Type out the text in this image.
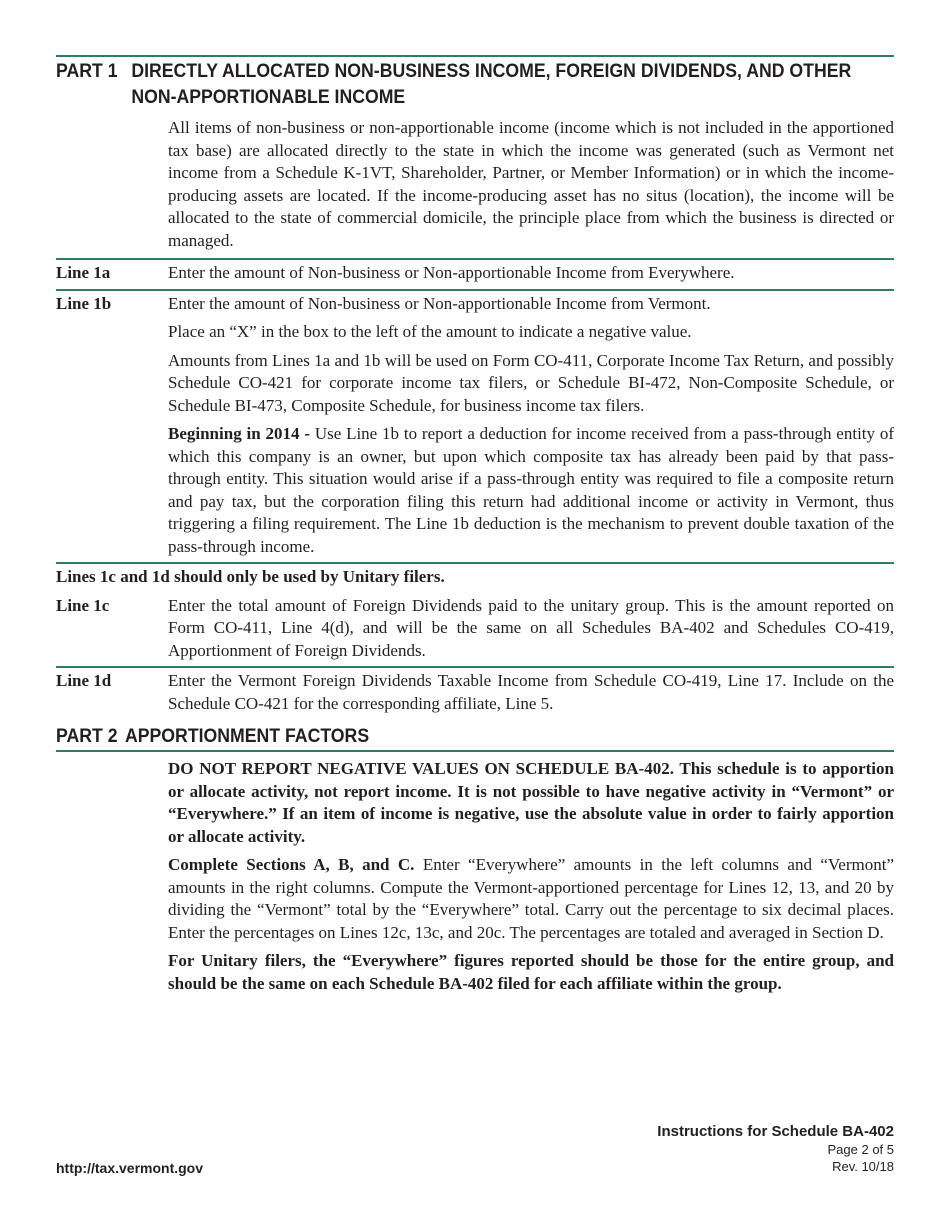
PART 1 DIRECTLY ALLOCATED NON-BUSINESS INCOME, FOREIGN DIVIDENDS, AND OTHER NON-APPORTIONABLE INCOME

All items of non-business or non-apportionable income (income which is not included in the apportioned tax base) are allocated directly to the state in which the income was generated (such as Vermont net income from a Schedule K-1VT, Shareholder, Partner, or Member Information) or in which the income-producing assets are located. If the income-producing asset has no situs (location), the income will be allocated to the state of commercial domicile, the principle place from which the business is directed or managed.

Line 1a	Enter the amount of Non-business or Non-apportionable Income from Everywhere.
Line 1b	Enter the amount of Non-business or Non-apportionable Income from Vermont.

Place an “X” in the box to the left of the amount to indicate a negative value.

Amounts from Lines 1a and 1b will be used on Form CO-411, Corporate Income Tax Return, and possibly Schedule CO-421 for corporate income tax filers, or Schedule BI-472, Non-Composite Schedule, or Schedule BI-473, Composite Schedule, for business income tax filers.

Beginning in 2014 - Use Line 1b to report a deduction for income received from a pass-through entity of which this company is an owner, but upon which composite tax has already been paid by that pass-through entity. This situation would arise if a pass-through entity was required to file a composite return and pay tax, but the corporation filing this return had additional income or activity in Vermont, thus triggering a filing requirement. The Line 1b deduction is the mechanism to prevent double taxation of the pass-through income.

Lines 1c and 1d should only be used by Unitary filers.

Line 1c	Enter the total amount of Foreign Dividends paid to the unitary group. This is the amount reported on Form CO-411, Line 4(d), and will be the same on all Schedules BA-402 and Schedules CO-419, Apportionment of Foreign Dividends.
Line 1d	Enter the Vermont Foreign Dividends Taxable Income from Schedule CO-419, Line 17. Include on the Schedule CO-421 for the corresponding affiliate, Line 5.
PART 2 APPORTIONMENT FACTORS

DO NOT REPORT NEGATIVE VALUES ON SCHEDULE BA-402. This schedule is to apportion or allocate activity, not report income. It is not possible to have negative activity in “Vermont” or “Everywhere.” If an item of income is negative, use the absolute value in order to fairly apportion or allocate activity.

Complete Sections A, B, and C. Enter “Everywhere” amounts in the left columns and “Vermont” amounts in the right columns. Compute the Vermont-apportioned percentage for Lines 12, 13, and 20 by dividing the “Vermont” total by the “Everywhere” total. Carry out the percentage to six decimal places. Enter the percentages on Lines 12c, 13c, and 20c. The percentages are totaled and averaged in Section D.

For Unitary filers, the “Everywhere” figures reported should be those for the entire group, and should be the same on each Schedule BA-402 filed for each affiliate within the group.

Instructions for Schedule BA-402
Page 2 of 5
Rev. 10/18
http://tax.vermont.gov
